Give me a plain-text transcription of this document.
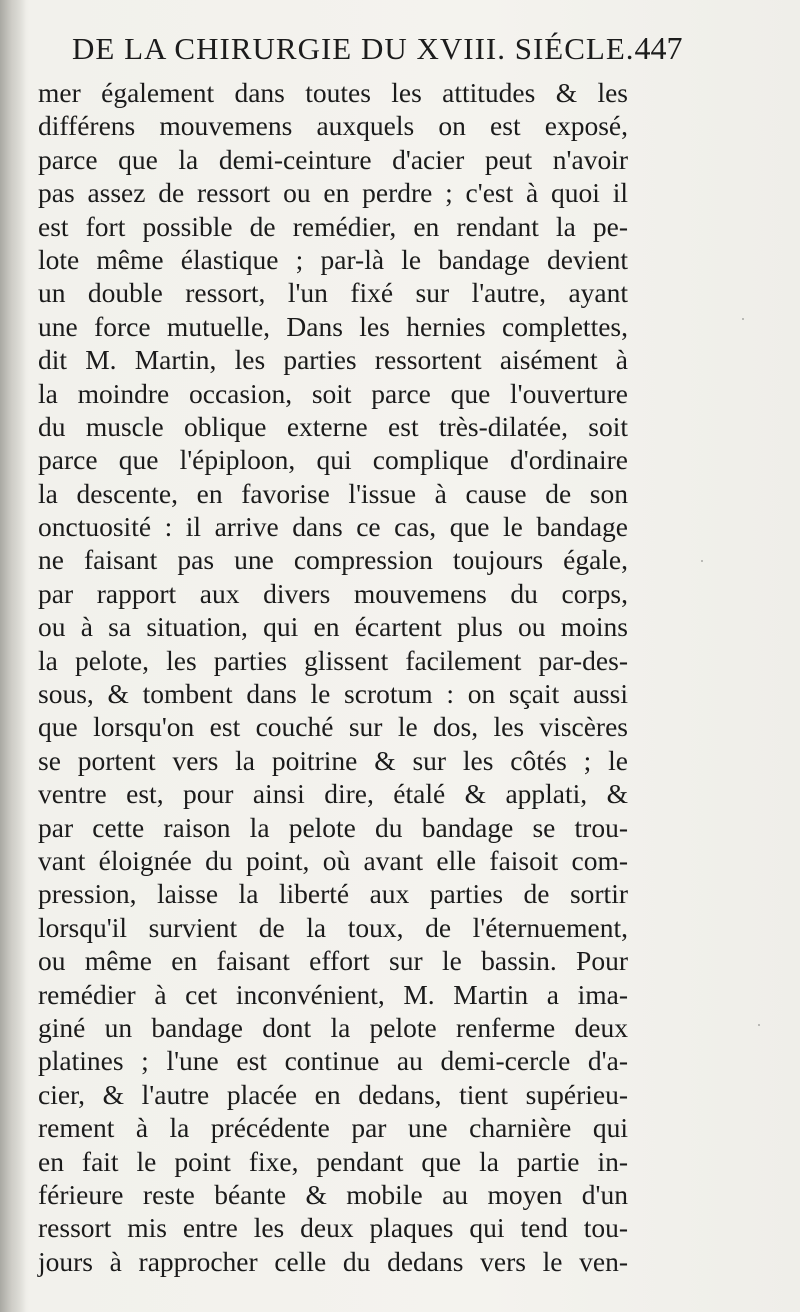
DE LA CHIRURGIE DU XVIII. SIÉCLE. 447
mer également dans toutes les attitudes & les
différens mouvemens auxquels on est exposé,
parce que la demi-ceinture d'acier peut n'avoir
pas assez de ressort ou en perdre ; c'est à quoi il
est fort possible de remédier, en rendant la pe-
lote même élastique ; par-là le bandage devient
un double ressort, l'un fixé sur l'autre, ayant
une force mutuelle, Dans les hernies complettes,
dit M. Martin, les parties ressortent aisément à
la moindre occasion, soit parce que l'ouverture
du muscle oblique externe est très-dilatée, soit
parce que l'épiploon, qui complique d'ordinaire
la descente, en favorise l'issue à cause de son
onctuosité : il arrive dans ce cas, que le bandage
ne faisant pas une compression toujours égale,
par rapport aux divers mouvemens du corps,
ou à sa situation, qui en écartent plus ou moins
la pelote, les parties glissent facilement par-des-
sous, & tombent dans le scrotum : on sçait aussi
que lorsqu'on est couché sur le dos, les viscères
se portent vers la poitrine & sur les côtés ; le
ventre est, pour ainsi dire, étalé & applati, &
par cette raison la pelote du bandage se trou-
vant éloignée du point, où avant elle faisoit com-
pression, laisse la liberté aux parties de sortir
lorsqu'il survient de la toux, de l'éternuement,
ou même en faisant effort sur le bassin. Pour
remédier à cet inconvénient, M. Martin a ima-
giné un bandage dont la pelote renferme deux
platines ; l'une est continue au demi-cercle d'a-
cier, & l'autre placée en dedans, tient supérieu-
rement à la précédente par une charnière qui
en fait le point fixe, pendant que la partie in-
férieure reste béante & mobile au moyen d'un
ressort mis entre les deux plaques qui tend tou-
jours à rapprocher celle du dedans vers le ven-
